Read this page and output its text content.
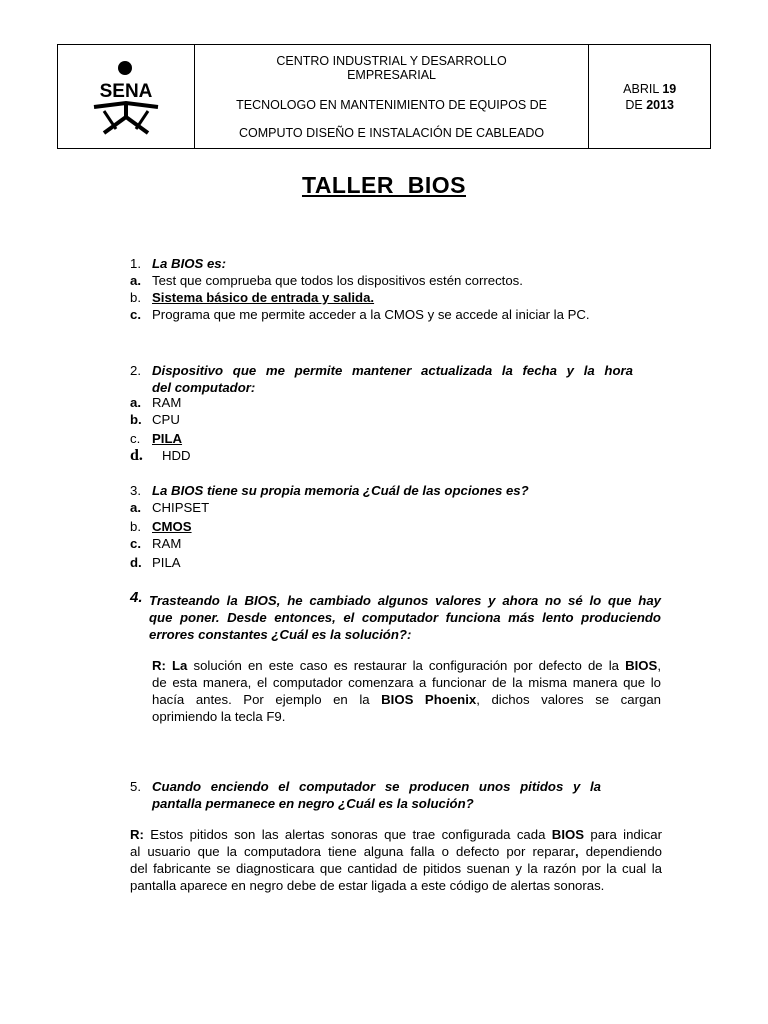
SENA

CENTRO INDUSTRIAL Y DESARROLLO
EMPRESARIAL
TECNOLOGO EN MANTENIMIENTO DE EQUIPOS DE
COMPUTO DISEÑO E INSTALACIÓN DE CABLEADO

ABRIL 19
DE 2013
TALLER  BIOS
1. La BIOS es:
a. Test que comprueba que todos los dispositivos estén correctos.
b. Sistema básico de entrada y salida.
c. Programa que me permite acceder a la CMOS y se accede al iniciar la PC.
2. Dispositivo que me permite mantener actualizada la fecha y la hora
del computador:
a. RAM
b. CPU
c. PILA
d. HDD
3. La BIOS tiene su propia memoria ¿Cuál de las opciones es?
a. CHIPSET
b. CMOS
c. RAM
d. PILA
4. Trasteando la BIOS, he cambiado algunos valores y ahora no sé lo que hay
que poner. Desde entonces, el computador funciona más lento produciendo
errores constantes ¿Cuál es la solución?:
R: La solución en este caso es restaurar la configuración por defecto de la BIOS,
de esta manera, el computador comenzara a funcionar de la misma manera que lo
hacía antes. Por ejemplo en la BIOS Phoenix, dichos valores se cargan
oprimiendo la tecla F9.
5. Cuando enciendo el computador se producen unos pitidos y la
pantalla permanece en negro ¿Cuál es la solución?
R: Estos pitidos son las alertas sonoras que trae configurada cada BIOS para indicar
al usuario que la computadora tiene alguna falla o defecto por reparar, dependiendo
del fabricante se diagnosticara que cantidad de pitidos suenan y la razón por la cual la
pantalla aparece en negro debe de estar ligada a este código de alertas sonoras.
